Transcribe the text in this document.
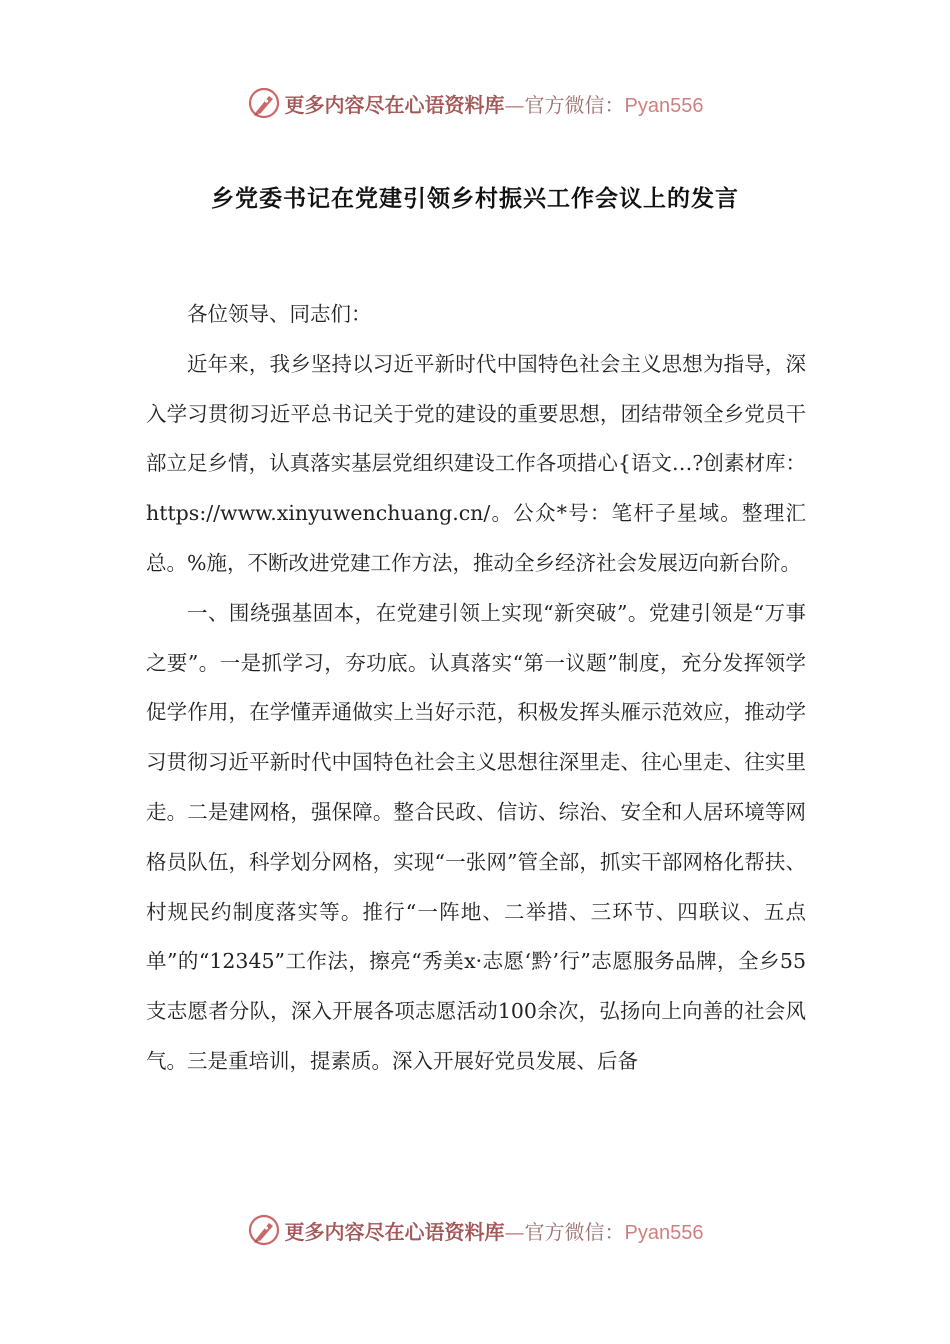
更多内容尽在心语资料库—官方微信：Pyan556
乡党委书记在党建引领乡村振兴工作会议上的发言

各位领导、同志们：

近年来，我乡坚持以习近平新时代中国特色社会主义思想为指导，深入学习贯彻习近平总书记关于党的建设的重要思想，团结带领全乡党员干部立足乡情，认真落实基层党组织建设工作各项措心{语文…?创素材库：https://www.xinyuwenchuang.cn/。公众*号：笔杆子星域。整理汇总。%施，不断改进党建工作方法，推动全乡经济社会发展迈向新台阶。

一、围绕强基固本，在党建引领上实现“新突破”。党建引领是“万事之要”。一是抓学习，夯功底。认真落实“第一议题”制度，充分发挥领学促学作用，在学懂弄通做实上当好示范，积极发挥头雁示范效应，推动学习贯彻习近平新时代中国特色社会主义思想往深里走、往心里走、往实里走。二是建网格，强保障。整合民政、信访、综治、安全和人居环境等网格员队伍，科学划分网格，实现“一张网”管全部，抓实干部网格化帮扶、村规民约制度落实等。推行“一阵地、二举措、三环节、四联议、五点单”的“12345”工作法，擦亮“秀美x·志愿‘黔’行”志愿服务品牌，全乡55支志愿者分队，深入开展各项志愿活动100余次，弘扬向上向善的社会风气。三是重培训，提素质。深入开展好党员发展、后备

更多内容尽在心语资料库—官方微信：Pyan556
